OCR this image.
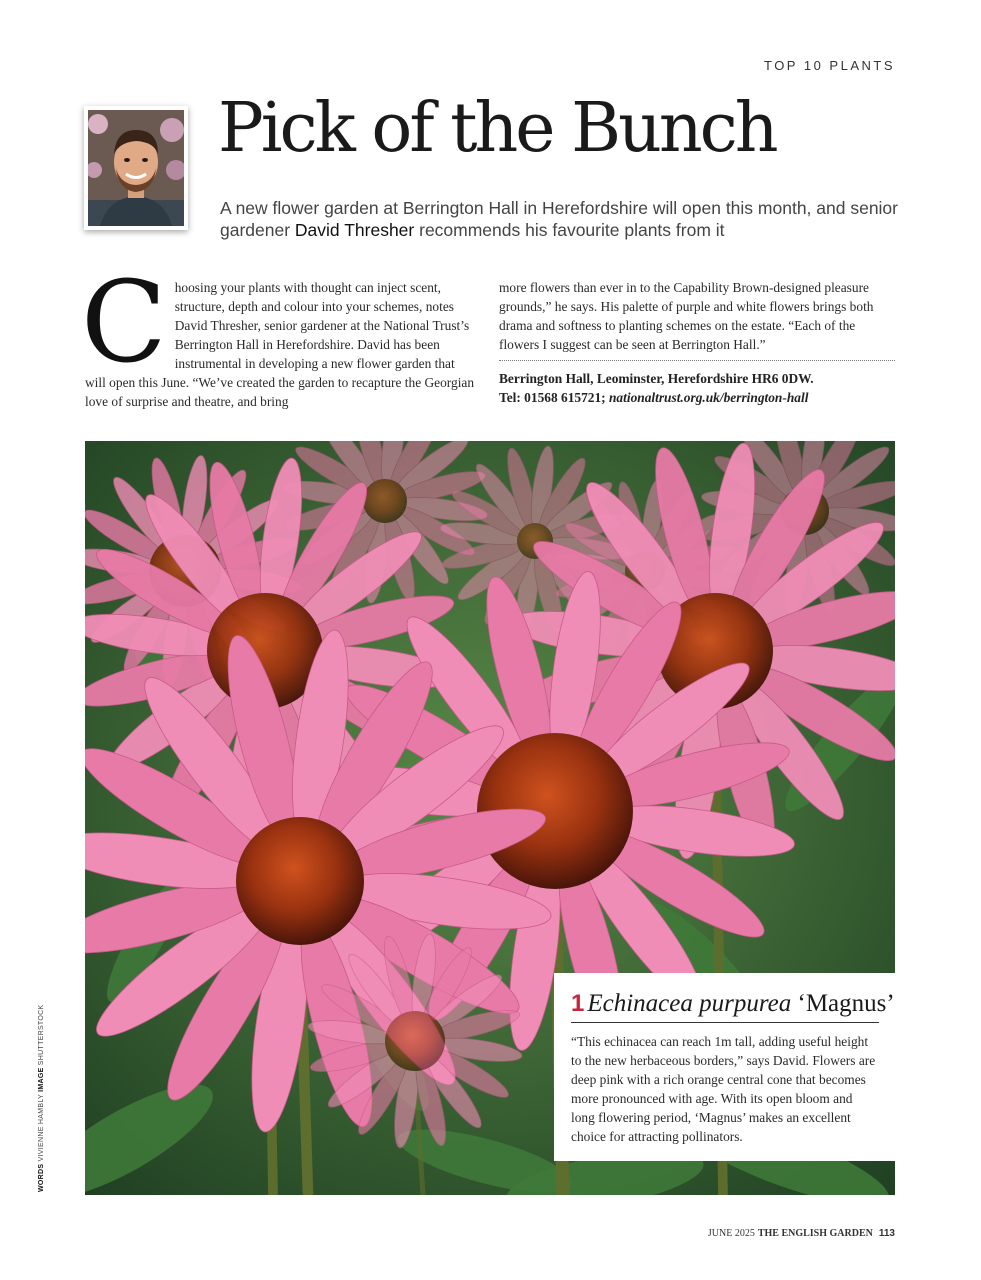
TOP 10 PLANTS
Pick of the Bunch
A new flower garden at Berrington Hall in Herefordshire will open this month, and senior gardener David Thresher recommends his favourite plants from it
Choosing your plants with thought can inject scent, structure, depth and colour into your schemes, notes David Thresher, senior gardener at the National Trust’s Berrington Hall in Herefordshire. David has been instrumental in developing a new flower garden that will open this June. “We’ve created the garden to recapture the Georgian love of surprise and theatre, and bring
more flowers than ever in to the Capability Brown-designed pleasure grounds,” he says. His palette of purple and white flowers brings both drama and softness to planting schemes on the estate. “Each of the flowers I suggest can be seen at Berrington Hall.”
Berrington Hall, Leominster, Herefordshire HR6 0DW.
Tel: 01568 615721; nationaltrust.org.uk/berrington-hall
1 Echinacea purpurea ‘Magnus’
“This echinacea can reach 1m tall, adding useful height to the new herbaceous borders,” says David. Flowers are deep pink with a rich orange central cone that becomes more pronounced with age. With its open bloom and long flowering period, ‘Magnus’ makes an excellent choice for attracting pollinators.
WORDS VIVIENNE HAMBLY IMAGE SHUTTERSTOCK
JUNE 2025 THE ENGLISH GARDEN 113
